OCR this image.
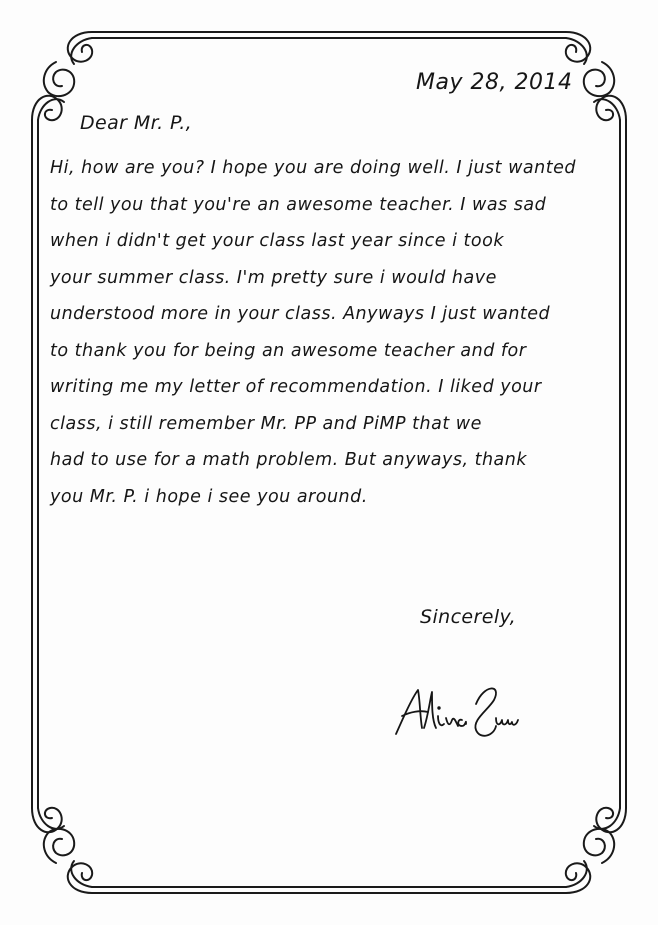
May 28, 2014
Dear Mr. P.,
Hi, how are you? I hope you are doing well. I just wanted
to tell you that you're an awesome teacher. I was sad
when i didn't get your class last year since i took
your summer class. I'm pretty sure i would have
understood more in your class. Anyways I just wanted
to thank you for being an awesome teacher and for
writing me my letter of recommendation. I liked your
class, i still remember Mr. PP and PiMP that we
had to use for a math problem. But anyways, thank
you Mr. P. i hope i see you around.
Sincerely,
